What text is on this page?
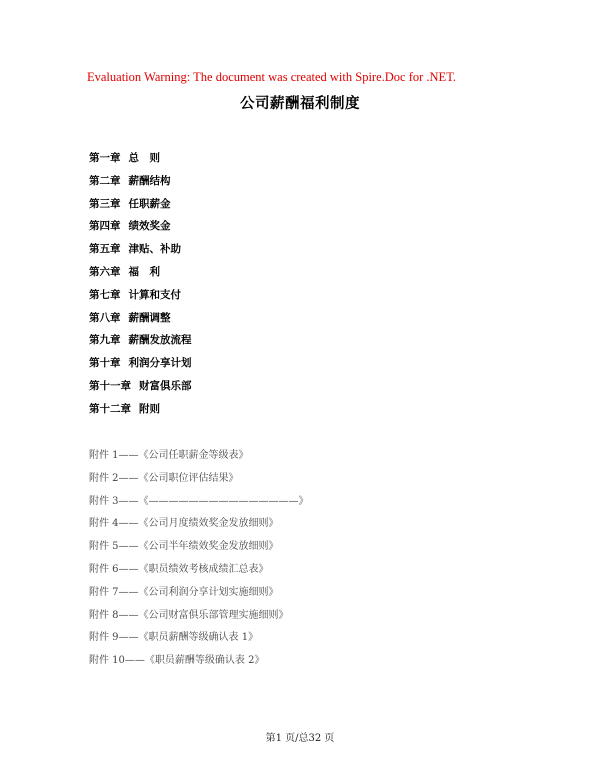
Evaluation Warning: The document was created with Spire.Doc for .NET.
公司薪酬福利制度
第一章 总　则
第二章 薪酬结构
第三章 任职薪金
第四章 绩效奖金
第五章 津贴、补助
第六章 福　利
第七章 计算和支付
第八章 薪酬调整
第九章 薪酬发放流程
第十章 利润分享计划
第十一章 财富俱乐部
第十二章 附则
附件 1——《公司任职薪金等级表》
附件 2——《公司职位评估结果》
附件 3——《———————————————》
附件 4——《公司月度绩效奖金发放细则》
附件 5——《公司半年绩效奖金发放细则》
附件 6——《职员绩效考核成绩汇总表》
附件 7——《公司利润分享计划实施细则》
附件 8——《公司财富俱乐部管理实施细则》
附件 9——《职员薪酬等级确认表 1》
附件 10——《职员薪酬等级确认表 2》
第1 页/总32 页
